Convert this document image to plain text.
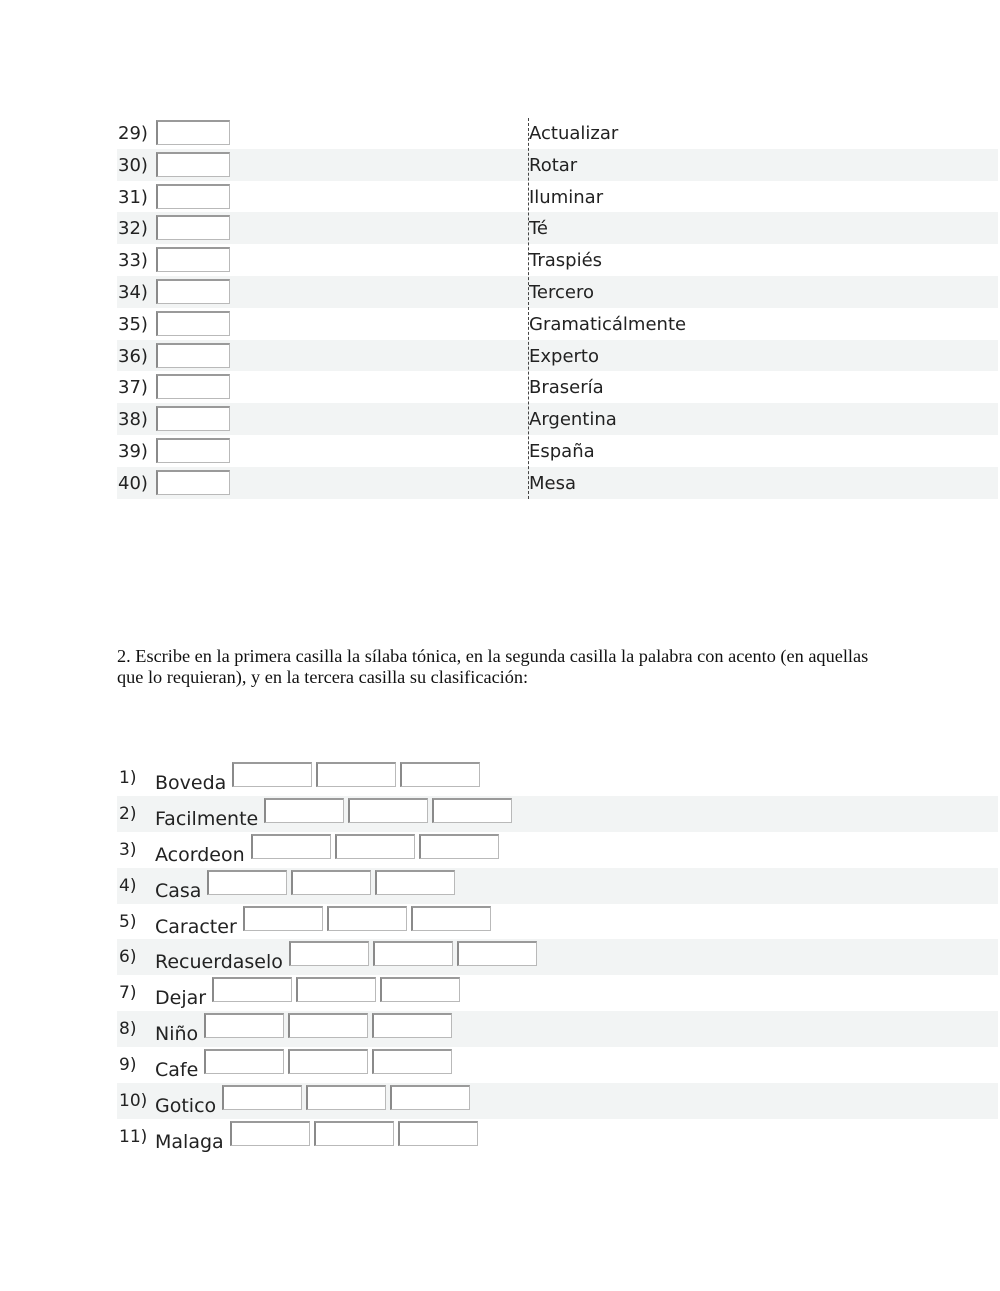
29)	Actualizar
30)	Rotar
31)	Iluminar
32)	Té
33)	Traspiés
34)	Tercero
35)	Gramaticálmente
36)	Experto
37)	Brasería
38)	Argentina
39)	España
40)	Mesa

2. Escribe en la primera casilla la sílaba tónica, en la segunda casilla la palabra con acento (en aquellas que lo requieran), y en la tercera casilla su clasificación:

1) Boveda
2) Facilmente
3) Acordeon
4) Casa
5) Caracter
6) Recuerdaselo
7) Dejar
8) Niño
9) Cafe
10) Gotico
11) Malaga
